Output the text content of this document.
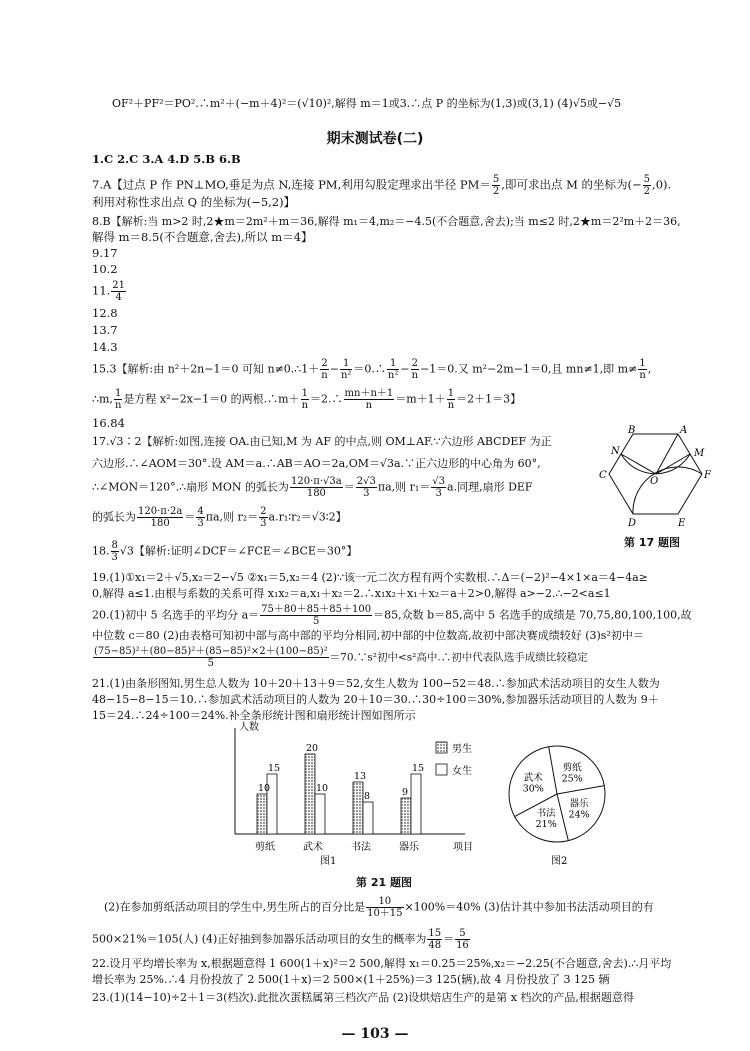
OF²＋PF²＝PO².∴m²＋(−m＋4)²＝(√10)²,解得 m＝1或3.∴点 P 的坐标为(1,3)或(3,1) (4)√5或−√5
期末测试卷(二)
1.C 2.C 3.A 4.D 5.B 6.B
7.A【过点 P 作 PN⊥MO,垂足为点 N,连接 PM,利用勾股定理求出半径 $PM= \frac{5}{2}$ ,即可求出点 M 的坐标为(− $\frac{5}{2} ,0$).
利用对称性求出点 Q 的坐标为(−5,2)】
8.B【解析:当 m>2 时,2★m＝2m²＋m＝36,解得 m₁＝4,m₂＝−4.5(不合题意,舍去);当 m≤2 时,2★m＝2²m＋2＝36,
解得 m＝8.5(不合题意,舍去),所以 m＝4】
9.17
10.2
11. $\frac{21}{4}$
12.8
13.7
14.3
15.3【解析:由 n²＋2n−1＝0 可知 n≠0.∴1＋ $\frac{2}{n} - \frac{1}{\text{n²}}$ ＝0.∴ $\frac{1}{\text{n²}} - \frac{2}{n} -1=0$.又 m²−2m−1＝0,且 mn≠1,即 $m\ne \frac{1}{n}$ ,
∴m, $\frac{1}{n}$ 是方程 x²−2x−1＝0 的两根.∴m＋ $\frac{1}{n}$ ＝2.∴ $\frac{mn+n+1}{n} =m+1+ \frac{1}{n} =2+1=3$】
16.84
17.√3∶2【解析:如图,连接 OA.由已知,M 为 AF 的中点,则 OM⊥AF.∵六边形 ABCDEF 为正
六边形.∴∠AOM＝30°.设 AM＝a.∴AB＝AO＝2a,OM＝√3a.∵正六边形的中心角为 60°,
∴∠MON＝120°.∴扇形 MON 的弧长为 $\frac{120\cdot\pi\cdot√3a}{180} = \frac{2√3}{3} \pi a$,则 $r_1= \frac{√3}{3} a$.同理,扇形 DEF
的弧长为 $\frac{120\cdot\pi\cdot 2a}{180} = \frac{4}{3} \pi a$,则 $r_2= \frac{2}{3}$ a.r₁∶r₂＝√3∶2】
B	A
N	M
C
O
F
D	E
第 17 题图
18. $\frac{8}{3} √3$【解析:证明∠DCF＝∠FCE＝∠BCE＝30°】
19.(1)①x₁＝2＋√5,x₂＝2−√5 ②x₁＝5,x₂＝4 (2)∵该一元二次方程有两个实数根.∴Δ＝(−2)²−4×1×a＝4−4a≥
0,解得 a≤1.由根与系数的关系可得 x₁x₂＝a,x₁＋x₂＝2.∴x₁x₂＋x₁＋x₂＝a＋2>0,解得 a>−2.∴−2<a≤1
20.(1)初中 5 名选手的平均分 $a= \frac{75+80+85+85+100}{5} =85$,众数 b＝85,高中 5 名选手的成绩是 70,75,80,100,100,故
中位数 c＝80 (2)由表格可知初中部与高中部的平均分相同,初中部的中位数高,故初中部决赛成绩较好 (3)s²初中＝
$\frac{\text{(75−85)²＋(80−85)²＋(85−85)²×2＋(100−85)²}}{5}$ ＝70.∵s²初中<s²高中.∴初中代表队选手成绩比较稳定
21.(1)由条形图知,男生总人数为 10＋20＋13＋9＝52,女生人数为 100−52＝48.∴参加武术活动项目的女生人数为
48−15−8−15＝10.∴参加武术活动项目的人数为 20＋10＝30.∴30÷100＝30%,参加器乐活动项目的人数为 9＋
15＝24.∴24÷100＝24%.补全条形统计图和扇形统计图如图所示
人数
项目
10
15
剪纸
20
10
武术
13
8
书法
9
15
器乐
男生
女生
图1
剪纸
25%
器乐
24%
书法
21%
武术
30%
图2
第 21 题图
(2)在参加剪纸活动项目的学生中,男生所占的百分比是 $\frac{10}{10+15} \times 100\%=40\%$ (3)估计其中参加书法活动项目的有
500×21%＝105(人) (4)正好抽到参加器乐活动项目的女生的概率为 $\frac{15}{48} = \frac{5}{16}$
22.设月平均增长率为 x,根据题意得 1 600(1＋x)²＝2 500,解得 x₁＝0.25＝25%,x₂＝−2.25(不合题意,舍去).∴月平均
增长率为 25%.∴4 月份投放了 2 500(1＋x)＝2 500×(1＋25%)＝3 125(辆),故 4 月份投放了 3 125 辆
23.(1)(14−10)÷2＋1＝3(档次).此批次蛋糕属第三档次产品 (2)设烘焙店生产的是第 x 档次的产品,根据题意得
— 103 —
